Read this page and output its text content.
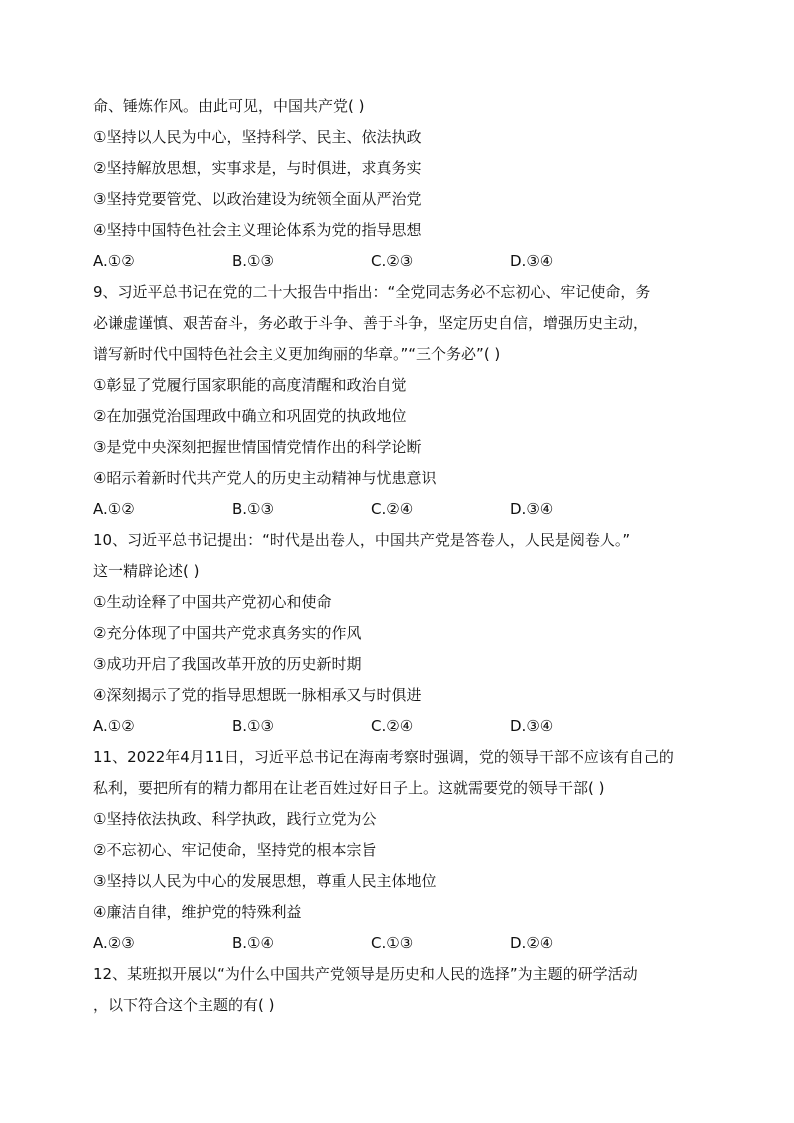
命、锤炼作风。由此可见，中国共产党( )
①坚持以人民为中心，坚持科学、民主、依法执政
②坚持解放思想，实事求是，与时俱进，求真务实
③坚持党要管党、以政治建设为统领全面从严治党
④坚持中国特色社会主义理论体系为党的指导思想
A.①②	B.①③	C.②③	D.③④
9、习近平总书记在党的二十大报告中指出：“全党同志务必不忘初心、牢记使命，务
必谦虚谨慎、艰苦奋斗，务必敢于斗争、善于斗争，坚定历史自信，增强历史主动，
谱写新时代中国特色社会主义更加绚丽的华章。”“三个务必”( )
①彰显了党履行国家职能的高度清醒和政治自觉
②在加强党治国理政中确立和巩固党的执政地位
③是党中央深刻把握世情国情党情作出的科学论断
④昭示着新时代共产党人的历史主动精神与忧患意识
A.①②	B.①③	C.②④	D.③④
10、习近平总书记提出：“时代是出卷人，中国共产党是答卷人，人民是阅卷人。”
这一精辟论述( )
①生动诠释了中国共产党初心和使命
②充分体现了中国共产党求真务实的作风
③成功开启了我国改革开放的历史新时期
④深刻揭示了党的指导思想既一脉相承又与时俱进
A.①②	B.①③	C.②④	D.③④
11、2022年4月11日，习近平总书记在海南考察时强调，党的领导干部不应该有自己的
私利，要把所有的精力都用在让老百姓过好日子上。这就需要党的领导干部( )
①坚持依法执政、科学执政，践行立党为公
②不忘初心、牢记使命，坚持党的根本宗旨
③坚持以人民为中心的发展思想，尊重人民主体地位
④廉洁自律，维护党的特殊利益
A.②③	B.①④	C.①③	D.②④
12、某班拟开展以“为什么中国共产党领导是历史和人民的选择”为主题的研学活动
，以下符合这个主题的有( )
